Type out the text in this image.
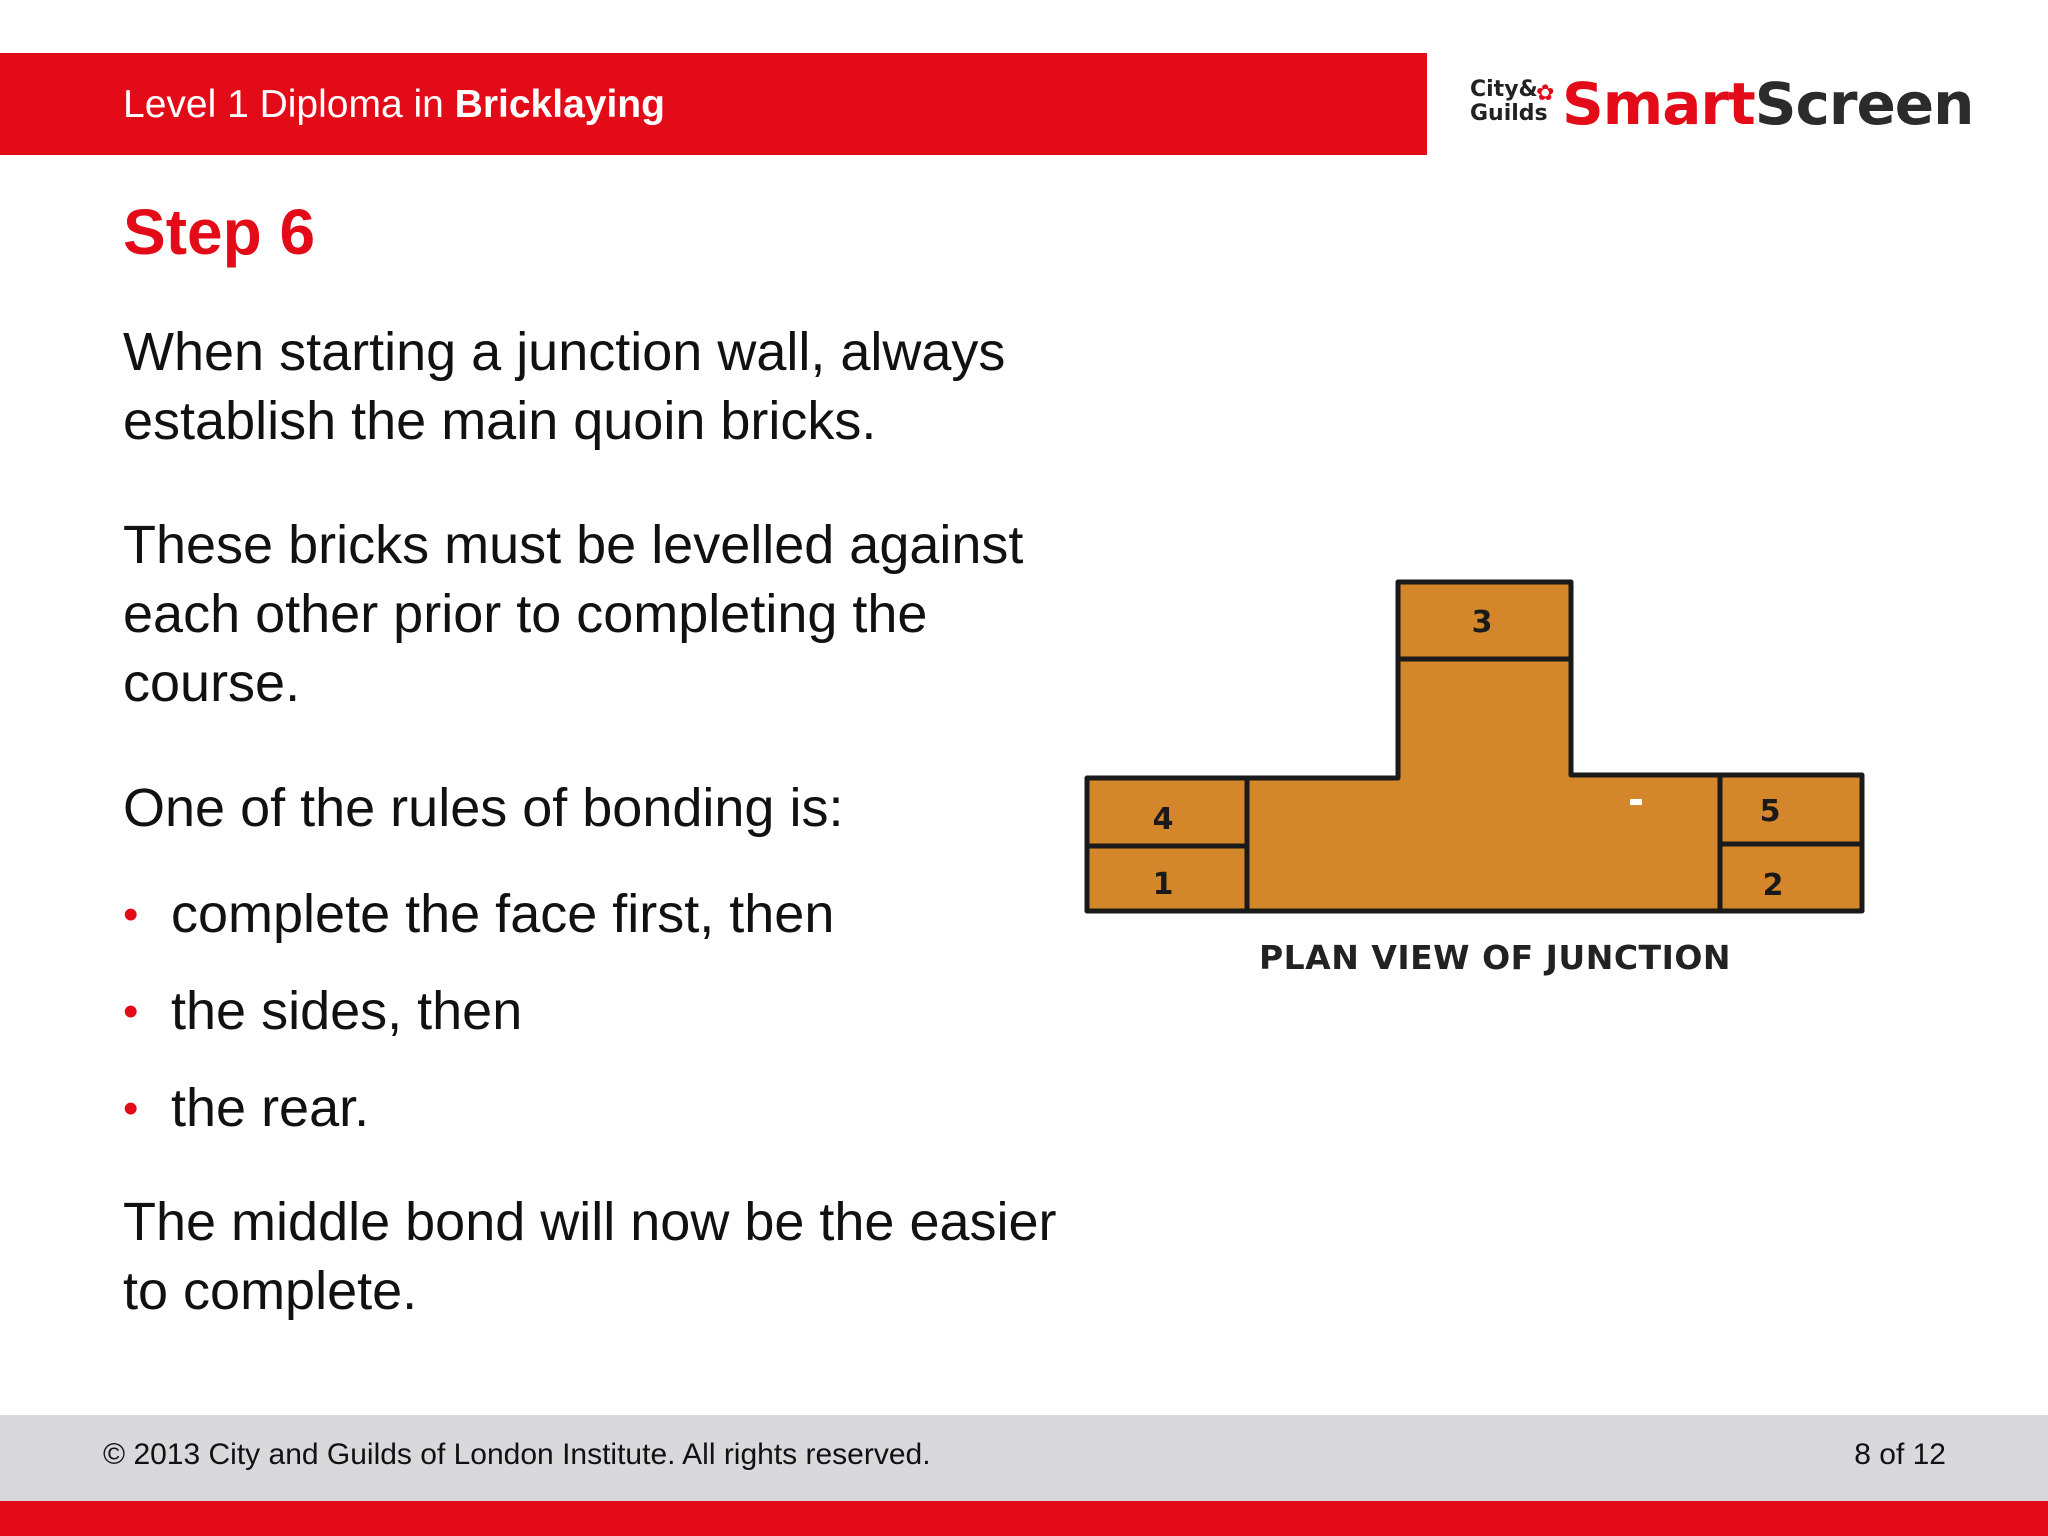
Level 1 Diploma in Bricklaying	City&
Guilds
✿ SmartScreen
Step 6
When starting a junction wall, always establish the main quoin bricks.
These bricks must be levelled against each other prior to completing the course.
One of the rules of bonding is:
• complete the face first, then
• the sides, then
• the rear.
The middle bond will now be the easier to complete.
3
4
1
5
2
PLAN VIEW OF JUNCTION
© 2013 City and Guilds of London Institute. All rights reserved.	8 of 12
